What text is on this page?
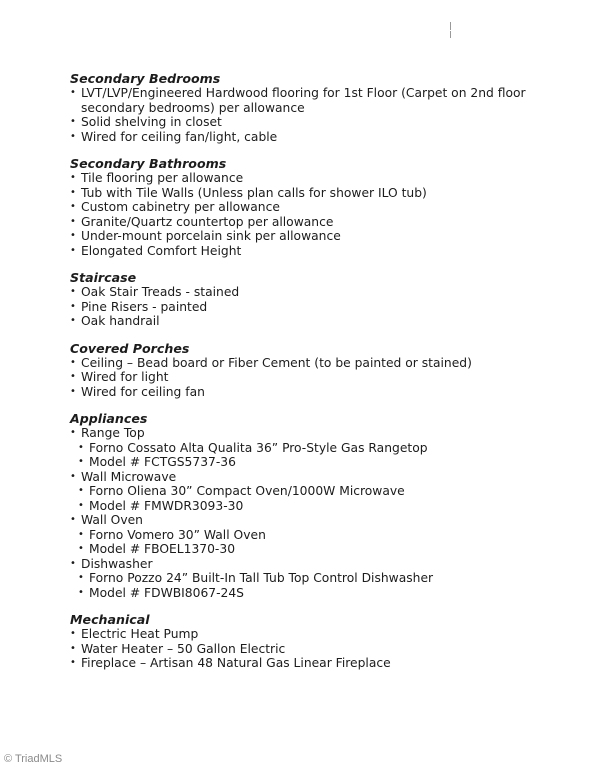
Secondary Bedrooms
• LVT/LVP/Engineered Hardwood flooring for 1st Floor (Carpet on 2nd floor secondary bedrooms) per allowance
• Solid shelving in closet
• Wired for ceiling fan/light, cable
Secondary Bathrooms
• Tile flooring per allowance
• Tub with Tile Walls (Unless plan calls for shower ILO tub)
• Custom cabinetry per allowance
• Granite/Quartz countertop per allowance
• Under-mount porcelain sink per allowance
• Elongated Comfort Height
Staircase
• Oak Stair Treads - stained
• Pine Risers - painted
• Oak handrail
Covered Porches
• Ceiling – Bead board or Fiber Cement (to be painted or stained)
• Wired for light
• Wired for ceiling fan
Appliances
• Range Top
• Forno Cossato Alta Qualita 36” Pro-Style Gas Rangetop
• Model # FCTGS5737-36
• Wall Microwave
• Forno Oliena 30” Compact Oven/1000W Microwave
• Model # FMWDR3093-30
• Wall Oven
• Forno Vomero 30” Wall Oven
• Model # FBOEL1370-30
• Dishwasher
• Forno Pozzo 24” Built-In Tall Tub Top Control Dishwasher
• Model # FDWBI8067-24S
Mechanical
• Electric Heat Pump
• Water Heater – 50 Gallon Electric
• Fireplace – Artisan 48 Natural Gas Linear Fireplace
© TriadMLS
